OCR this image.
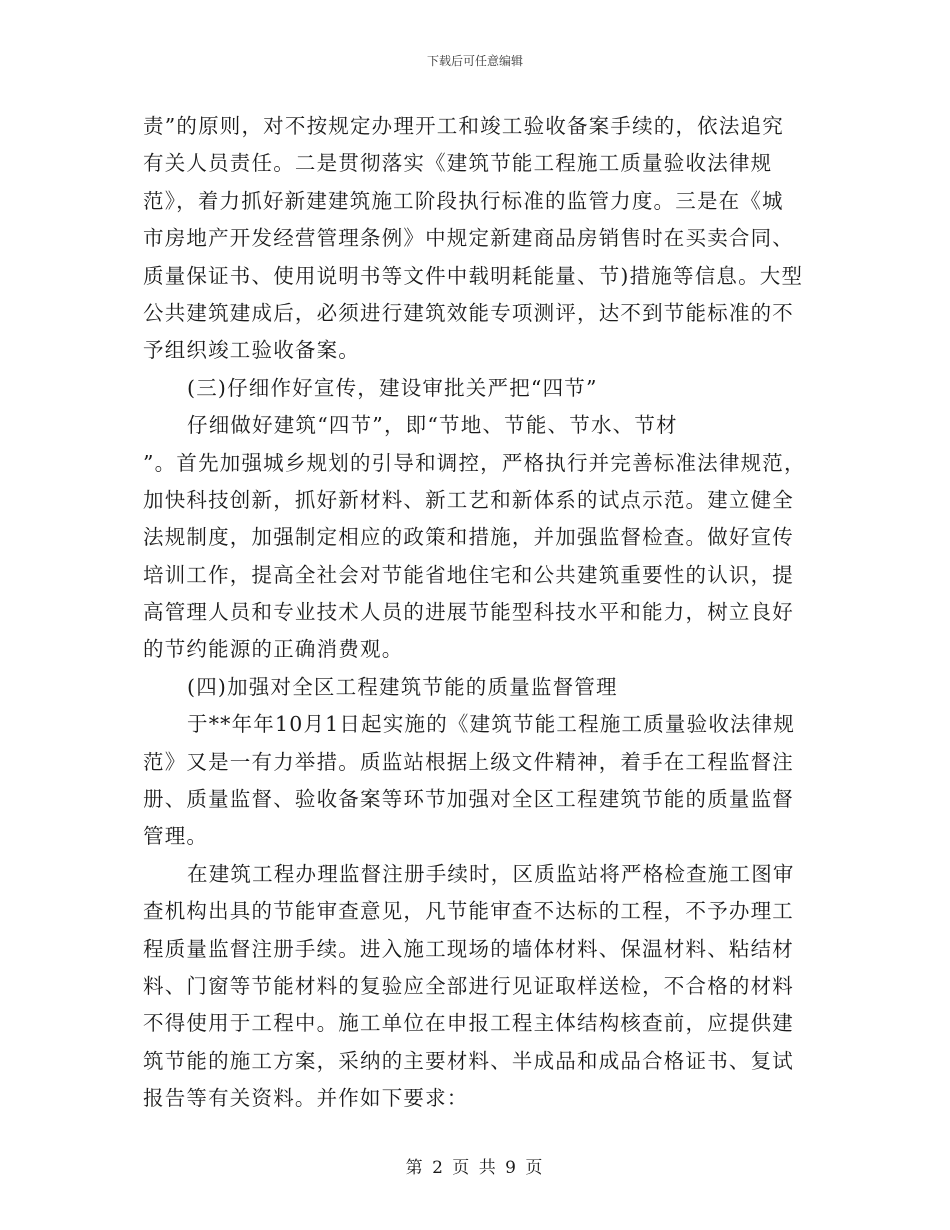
下载后可任意编辑
责”的原则，对不按规定办理开工和竣工验收备案手续的，依法追究
有关人员责任。二是贯彻落实《建筑节能工程施工质量验收法律规
范》，着力抓好新建建筑施工阶段执行标准的监管力度。三是在《城
市房地产开发经营管理条例》中规定新建商品房销售时在买卖合同、
质量保证书、使用说明书等文件中载明耗能量、节)措施等信息。大型
公共建筑建成后，必须进行建筑效能专项测评，达不到节能标准的不
予组织竣工验收备案。
(三)仔细作好宣传，建设审批关严把“四节”
仔细做好建筑“四节”，即“节地、节能、节水、节材
”。首先加强城乡规划的引导和调控，严格执行并完善标准法律规范，
加快科技创新，抓好新材料、新工艺和新体系的试点示范。建立健全
法规制度，加强制定相应的政策和措施，并加强监督检查。做好宣传
培训工作，提高全社会对节能省地住宅和公共建筑重要性的认识，提
高管理人员和专业技术人员的进展节能型科技水平和能力，树立良好
的节约能源的正确消费观。
(四)加强对全区工程建筑节能的质量监督管理
于**年年10月1日起实施的《建筑节能工程施工质量验收法律规
范》又是一有力举措。质监站根据上级文件精神，着手在工程监督注
册、质量监督、验收备案等环节加强对全区工程建筑节能的质量监督
管理。
在建筑工程办理监督注册手续时，区质监站将严格检查施工图审
查机构出具的节能审查意见，凡节能审查不达标的工程，不予办理工
程质量监督注册手续。进入施工现场的墙体材料、保温材料、粘结材
料、门窗等节能材料的复验应全部进行见证取样送检，不合格的材料
不得使用于工程中。施工单位在申报工程主体结构核查前，应提供建
筑节能的施工方案，采纳的主要材料、半成品和成品合格证书、复试
报告等有关资料。并作如下要求：
第 2 页 共 9 页
